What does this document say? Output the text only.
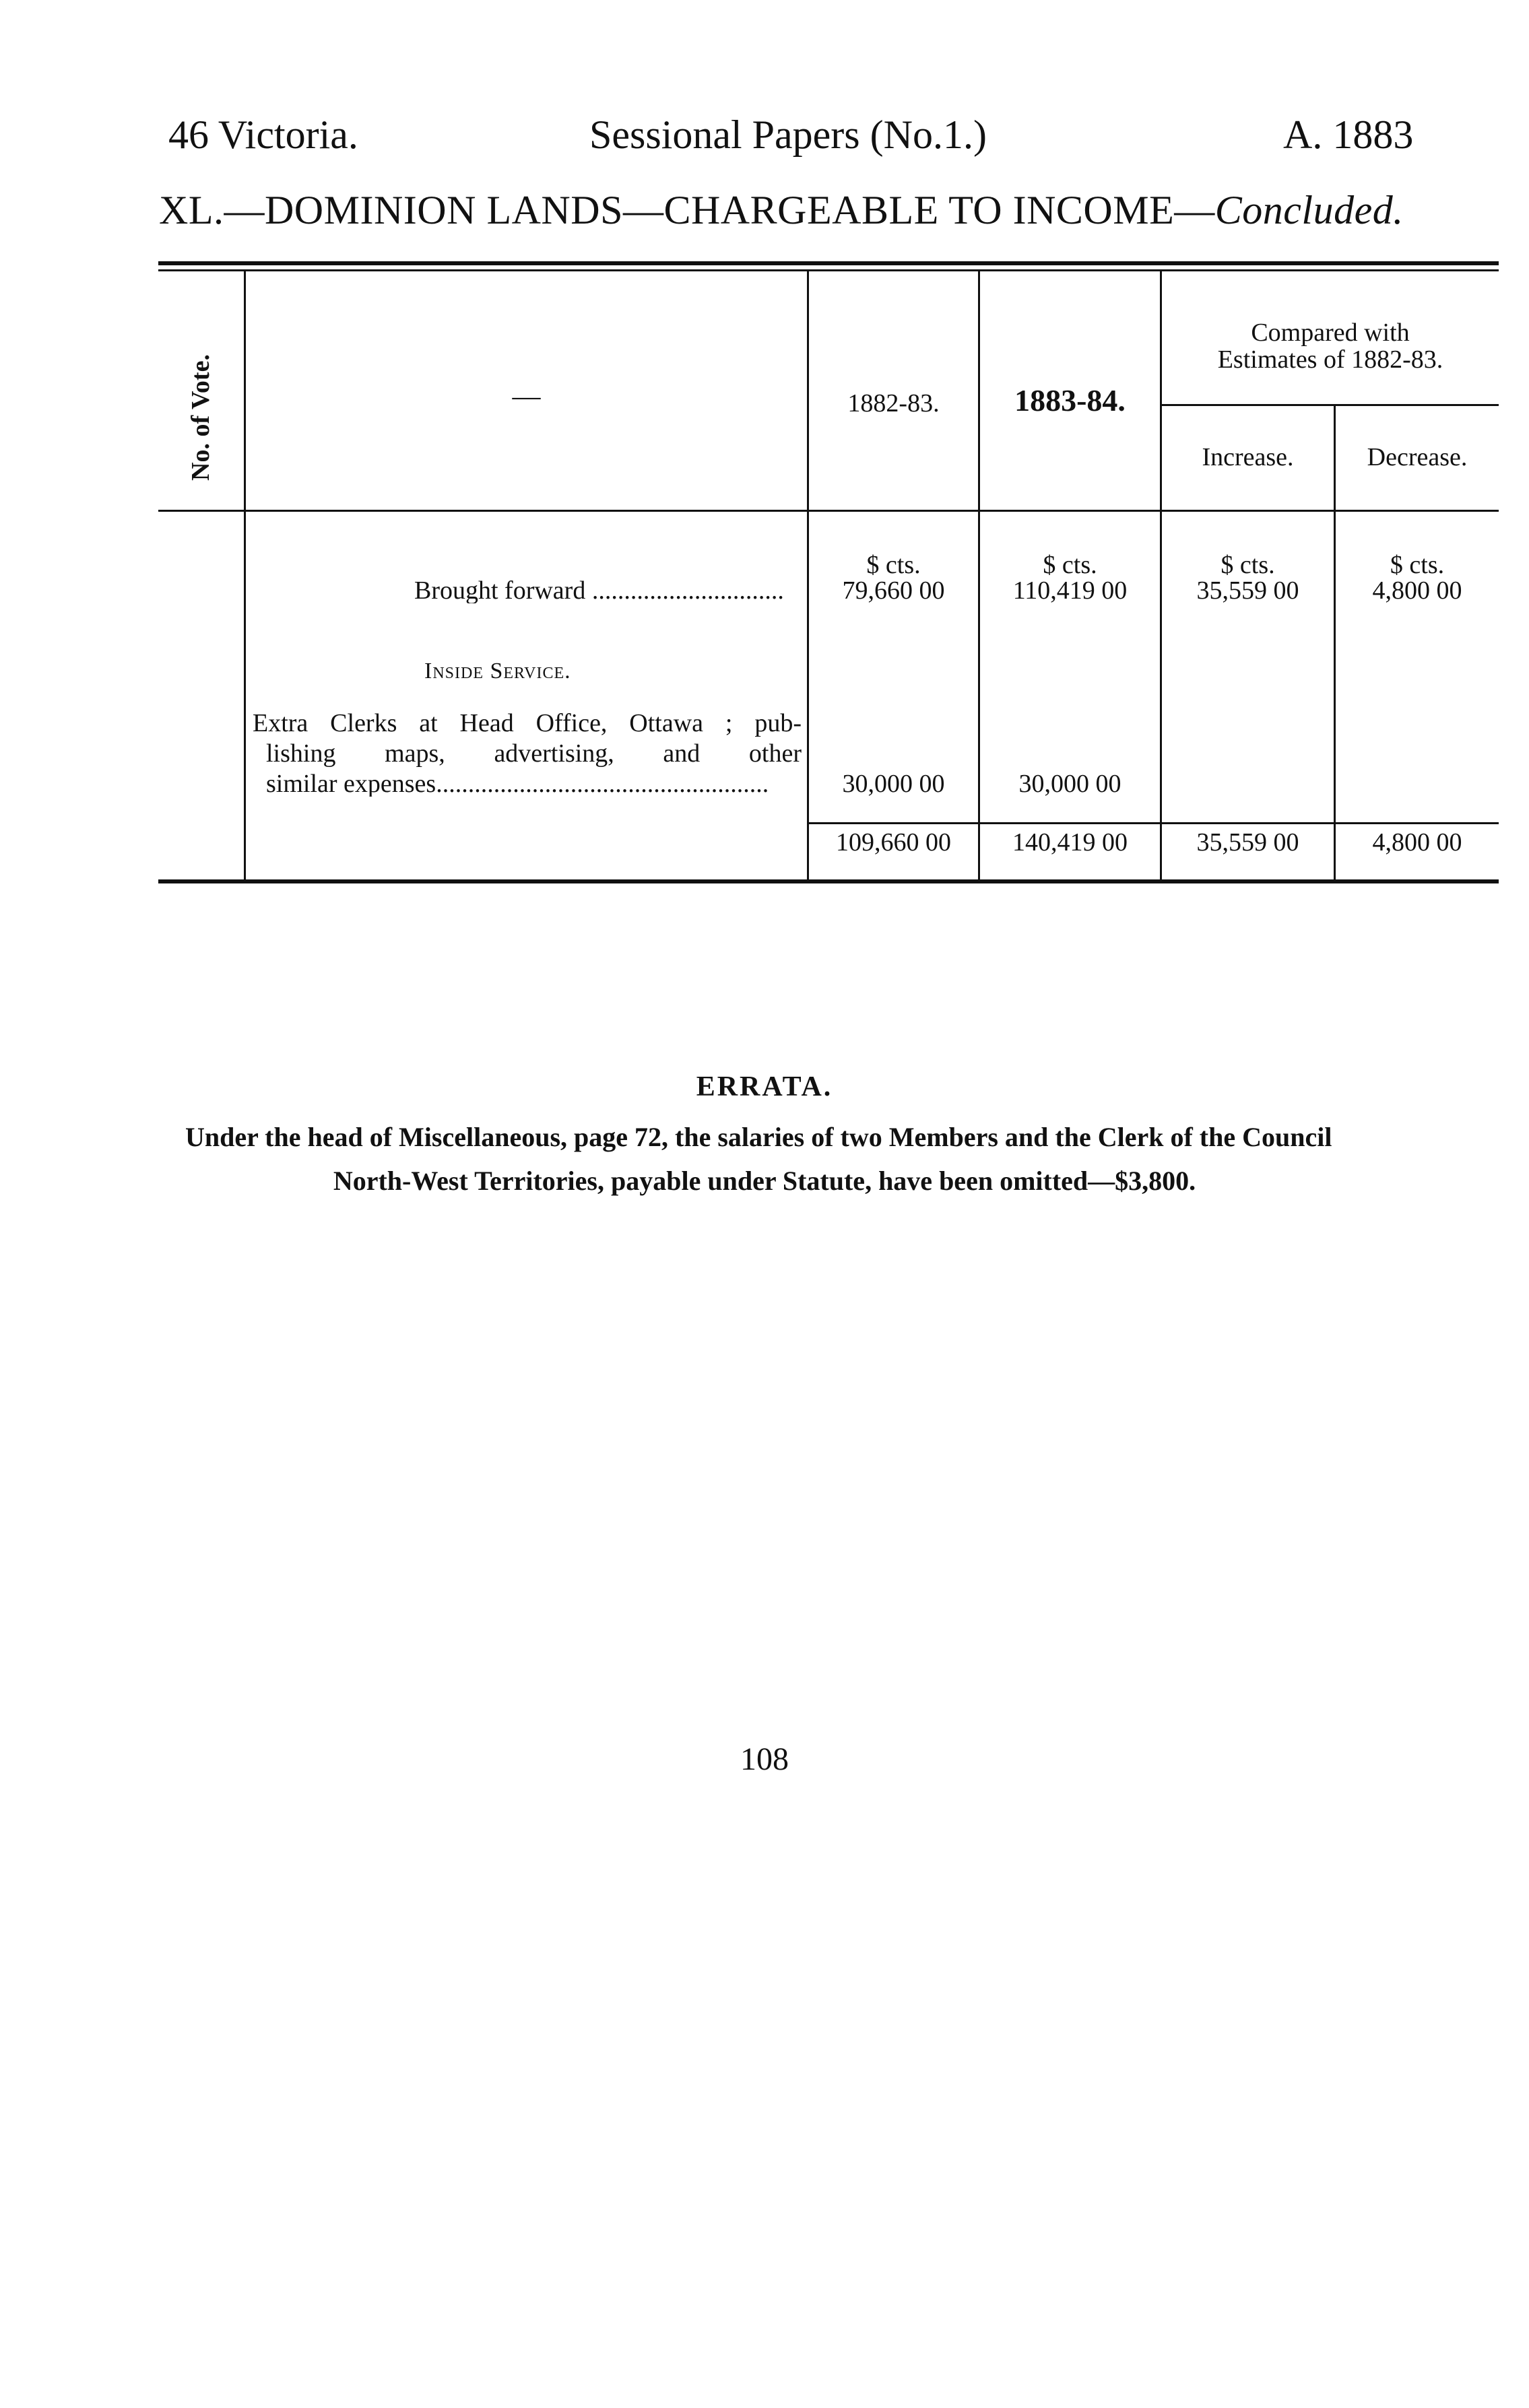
46 Victoria.	Sessional Papers (No.1.)	A. 1883
XL.—DOMINION LANDS—CHARGEABLE TO INCOME—Concluded.
No. of Vote.	—	1882-83.	1883-84.
Compared with
Estimates of 1882-83.
Increase.	Decrease.
$ cts.	$ cts.	$ cts.	$ cts.
Brought forward ..............................	79,660 00	110,419 00	35,559 00	4,800 00
Inside Service.
Extra Clerks at Head Office, Ottawa ; pub-
lishing maps, advertising, and other
similar expenses....................................................	30,000 00	30,000 00
109,660 00	140,419 00	35,559 00	4,800 00
ERRATA.
Under the head of Miscellaneous, page 72, the salaries of two Members and the Clerk of the Council
North-West Territories, payable under Statute, have been omitted—$3,800.
108
